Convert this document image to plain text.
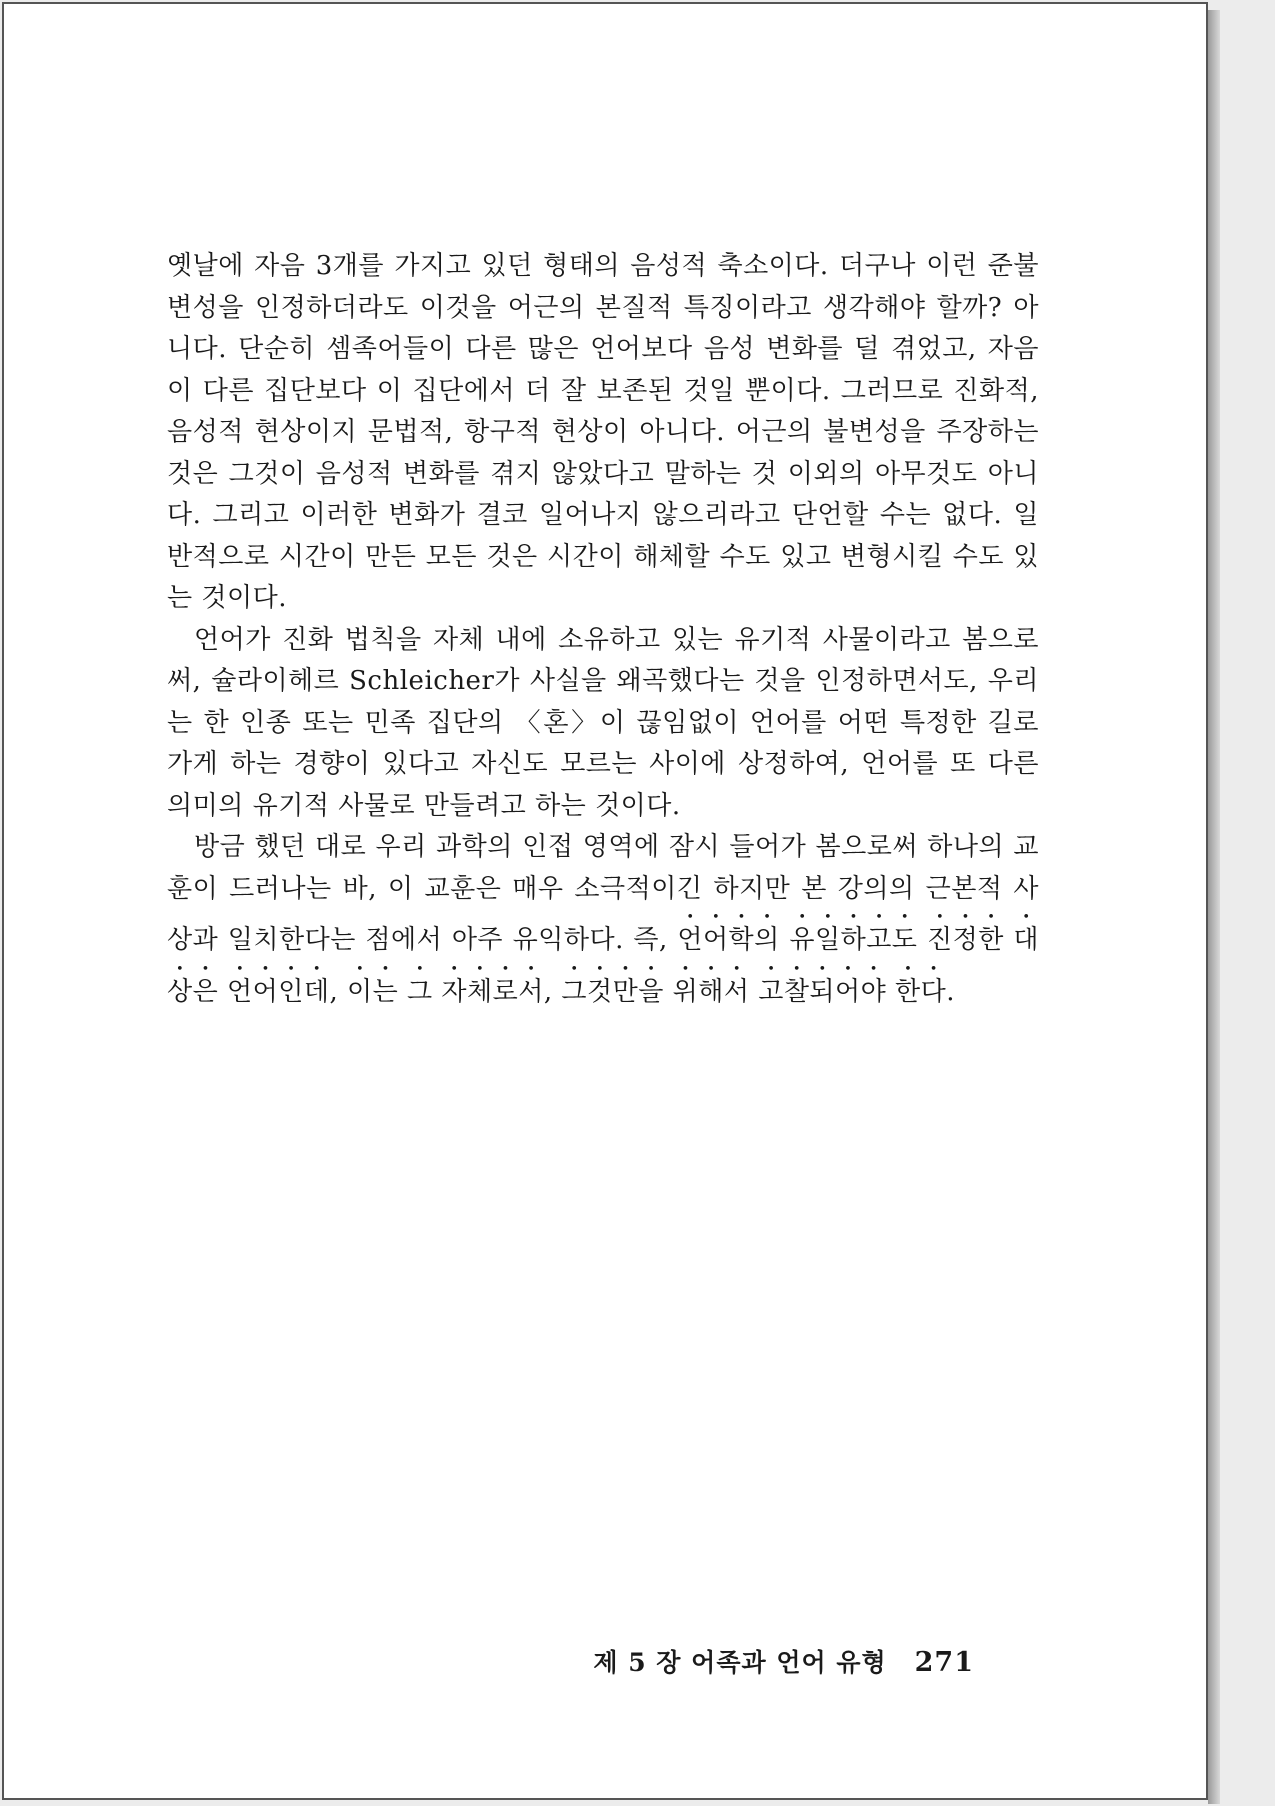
옛날에 자음 3개를 가지고 있던 형태의 음성적 축소이다. 더구나 이런 준불변성을 인정하더라도 이것을 어근의 본질적 특징이라고 생각해야 할까? 아니다. 단순히 셈족어들이 다른 많은 언어보다 음성 변화를 덜 겪었고, 자음이 다른 집단보다 이 집단에서 더 잘 보존된 것일 뿐이다. 그러므로 진화적, 음성적 현상이지 문법적, 항구적 현상이 아니다. 어근의 불변성을 주장하는 것은 그것이 음성적 변화를 겪지 않았다고 말하는 것 이외의 아무것도 아니다. 그리고 이러한 변화가 결코 일어나지 않으리라고 단언할 수는 없다. 일반적으로 시간이 만든 모든 것은 시간이 해체할 수도 있고 변형시킬 수도 있는 것이다.

언어가 진화 법칙을 자체 내에 소유하고 있는 유기적 사물이라고 봄으로써, 슐라이헤르 Schleicher가 사실을 왜곡했다는 것을 인정하면서도, 우리는 한 인종 또는 민족 집단의 〈혼〉이 끊임없이 언어를 어떤 특정한 길로 가게 하는 경향이 있다고 자신도 모르는 사이에 상정하여, 언어를 또 다른 의미의 유기적 사물로 만들려고 하는 것이다.

방금 했던 대로 우리 과학의 인접 영역에 잠시 들어가 봄으로써 하나의 교훈이 드러나는 바, 이 교훈은 매우 소극적이긴 하지만 본 강의의 근본적 사상과 일치한다는 점에서 아주 유익하다. 즉, 언어학의 유일하고도 진정한 대상은 언어인데, 이는 그 자체로서, 그것만을 위해서 고찰되어야 한다.

제 5 장 어족과 언어 유형 271
